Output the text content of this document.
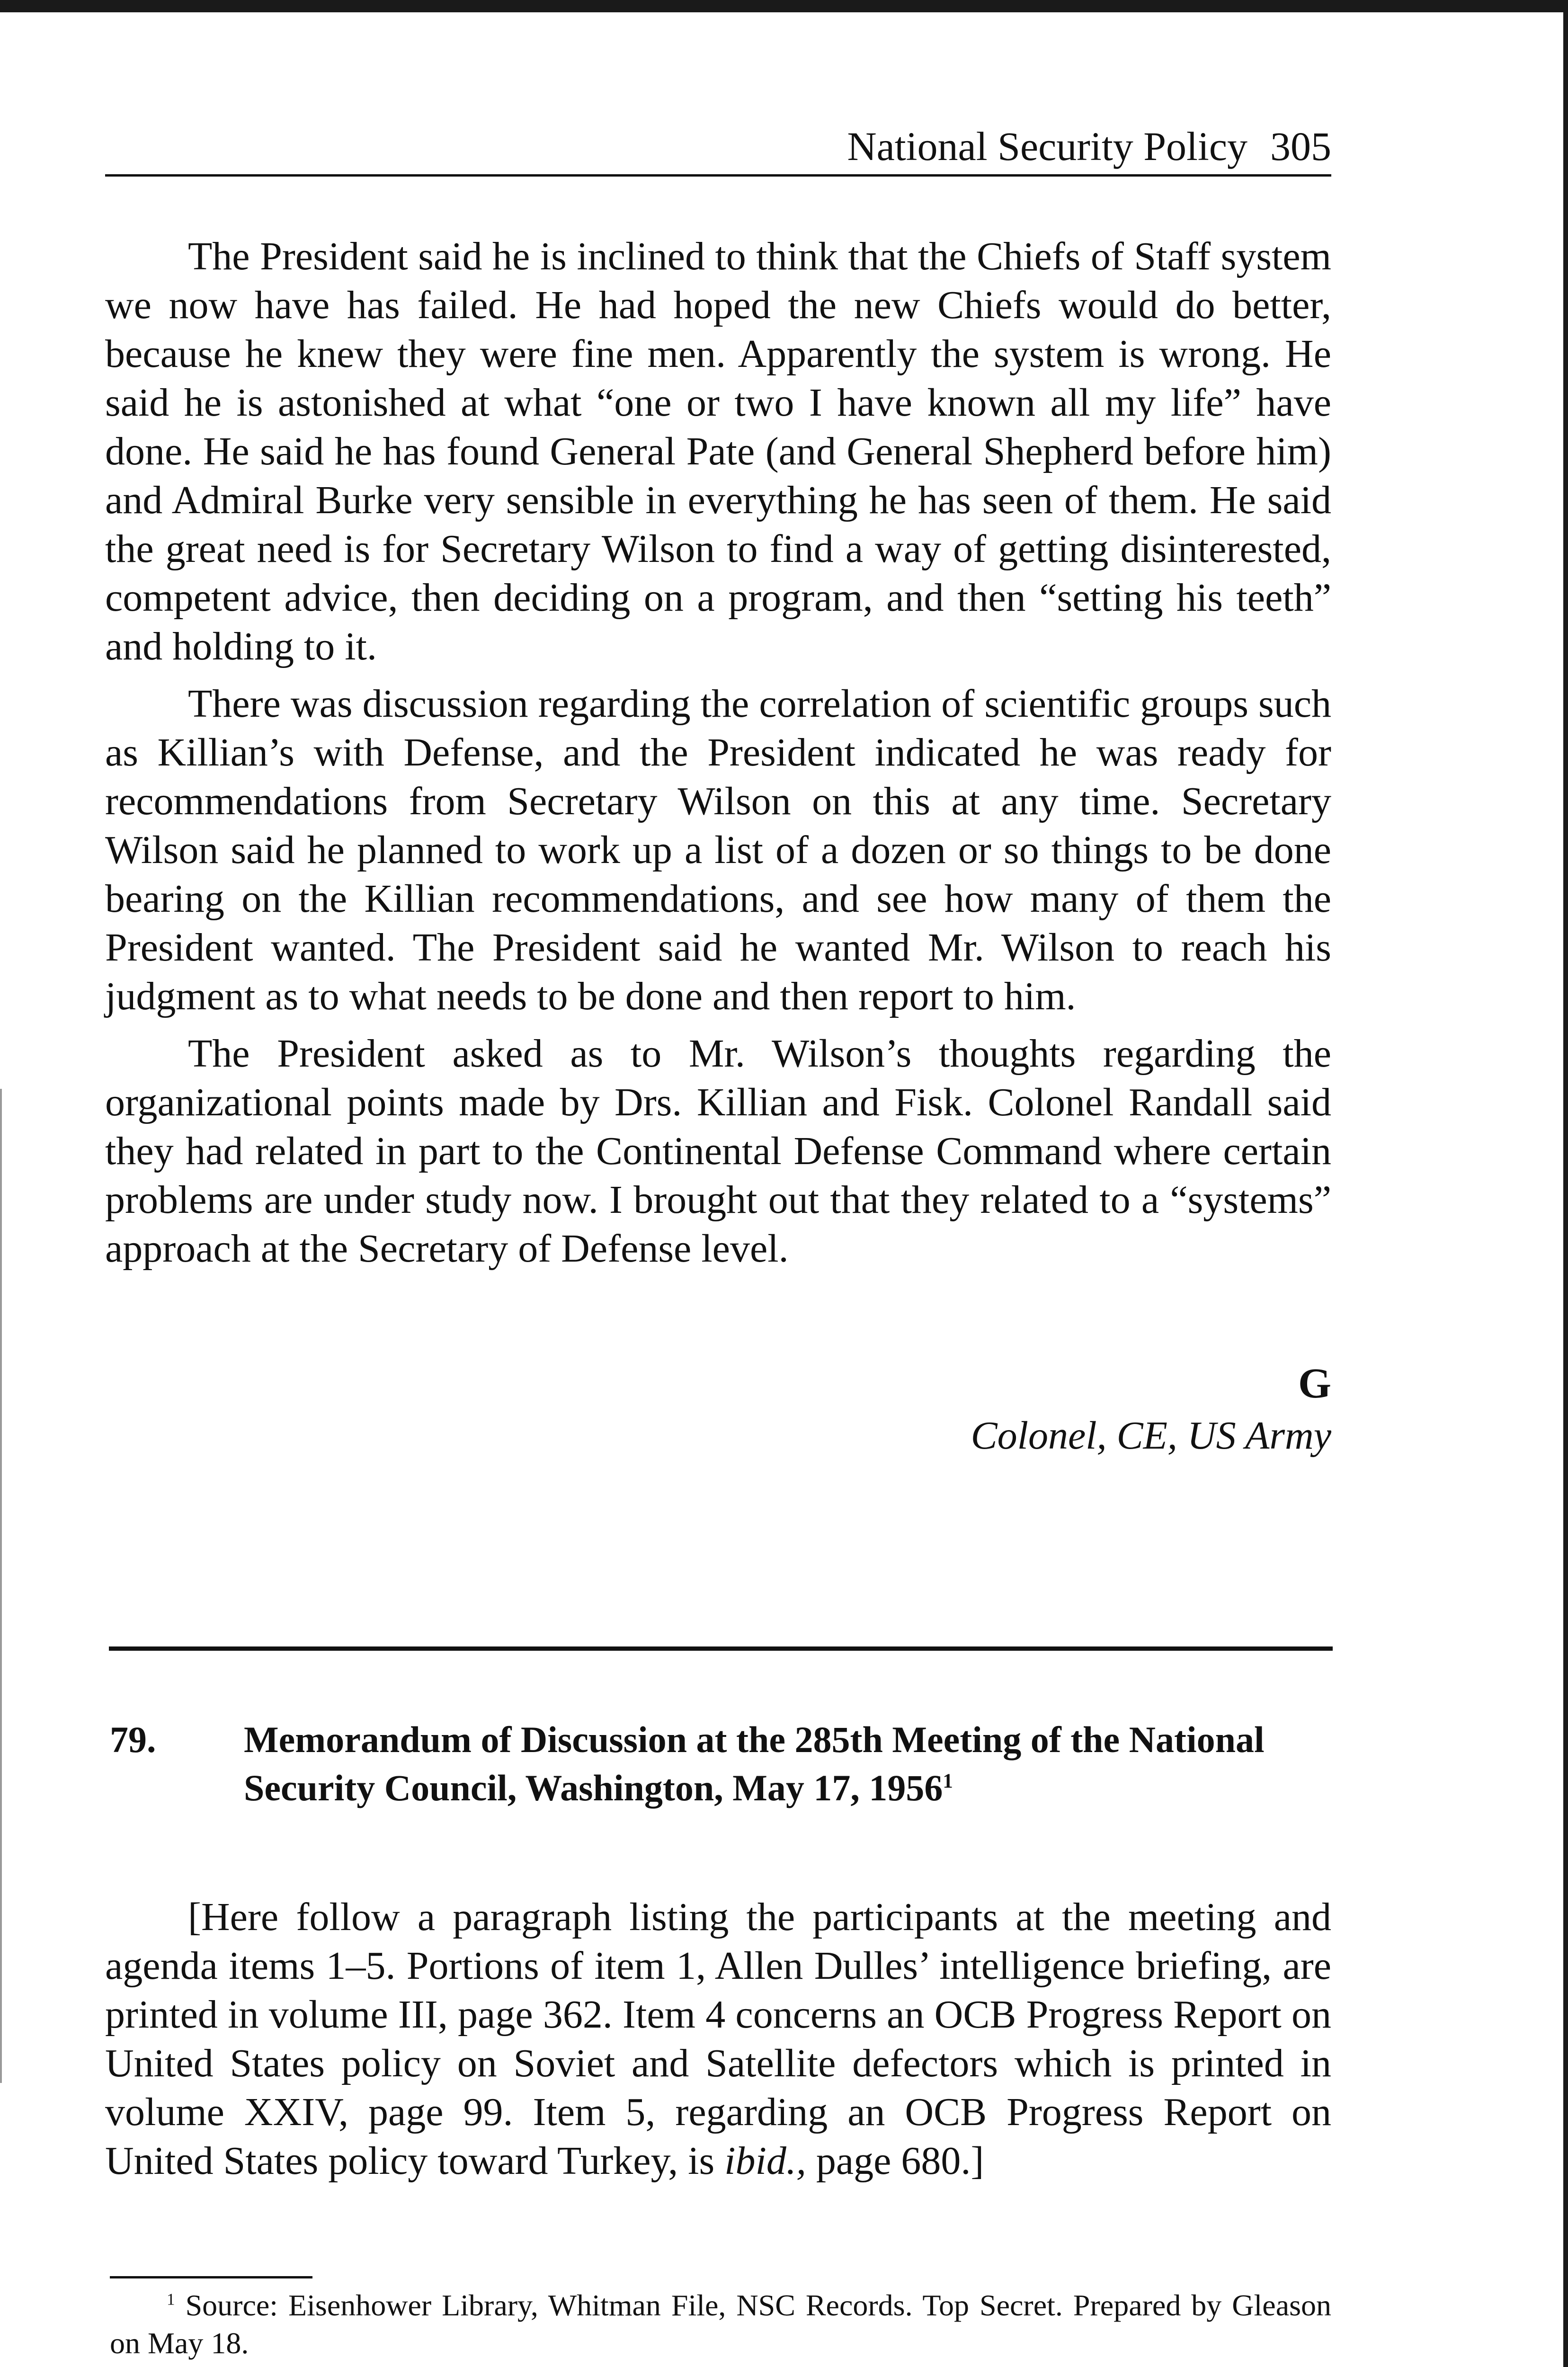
National Security Policy 305

The President said he is inclined to think that the Chiefs of Staff system we now have has failed. He had hoped the new Chiefs would do better, because he knew they were fine men. Apparently the system is wrong. He said he is astonished at what “one or two I have known all my life” have done. He said he has found General Pate (and General Shepherd before him) and Admiral Burke very sensible in everything he has seen of them. He said the great need is for Secretary Wilson to find a way of getting disinterested, competent advice, then deciding on a program, and then “setting his teeth” and holding to it.

There was discussion regarding the correlation of scientific groups such as Killian’s with Defense, and the President indicated he was ready for recommendations from Secretary Wilson on this at any time. Secretary Wilson said he planned to work up a list of a dozen or so things to be done bearing on the Killian recommendations, and see how many of them the President wanted. The President said he wanted Mr. Wilson to reach his judgment as to what needs to be done and then report to him.

The President asked as to Mr. Wilson’s thoughts regarding the organizational points made by Drs. Killian and Fisk. Colonel Randall said they had related in part to the Continental Defense Command where certain problems are under study now. I brought out that they related to a “systems” approach at the Secretary of Defense level.

G
Colonel, CE, US Army
79. Memorandum of Discussion at the 285th Meeting of the National Security Council, Washington, May 17, 1956$^1$

[Here follow a paragraph listing the participants at the meeting and agenda items 1–5. Portions of item 1, Allen Dulles’ intelligence briefing, are printed in volume III, page 362. Item 4 concerns an OCB Progress Report on United States policy on Soviet and Satellite defectors which is printed in volume XXIV, page 99. Item 5, regarding an OCB Progress Report on United States policy toward Turkey, is ibid., page 680.]

$^1$ Source: Eisenhower Library, Whitman File, NSC Records. Top Secret. Prepared by Gleason on May 18.
